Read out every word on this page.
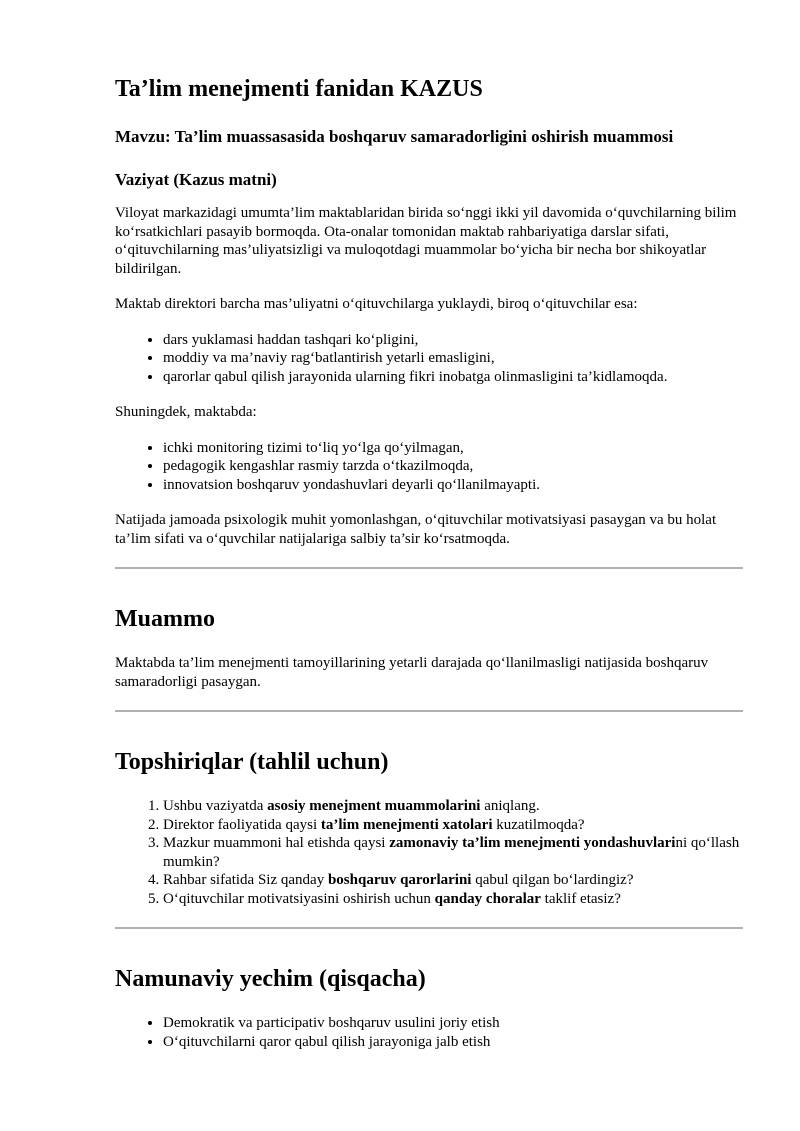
Ta’lim menejmenti fanidan KAZUS
Mavzu: Ta’lim muassasasida boshqaruv samaradorligini oshirish muammosi
Vaziyat (Kazus matni)

Viloyat markazidagi umumta’lim maktablaridan birida so‘nggi ikki yil davomida o‘quvchilarning bilim ko‘rsatkichlari pasayib bormoqda. Ota-onalar tomonidan maktab rahbariyatiga darslar sifati, o‘qituvchilarning mas’uliyatsizligi va muloqotdagi muammolar bo‘yicha bir necha bor shikoyatlar bildirilgan.

Maktab direktori barcha mas’uliyatni o‘qituvchilarga yuklaydi, biroq o‘qituvchilar esa:

• dars yuklamasi haddan tashqari ko‘pligini,
• moddiy va ma’naviy rag‘batlantirish yetarli emasligini,
• qarorlar qabul qilish jarayonida ularning fikri inobatga olinmasligini ta’kidlamoqda.

Shuningdek, maktabda:

• ichki monitoring tizimi to‘liq yo‘lga qo‘yilmagan,
• pedagogik kengashlar rasmiy tarzda o‘tkazilmoqda,
• innovatsion boshqaruv yondashuvlari deyarli qo‘llanilmayapti.

Natijada jamoada psixologik muhit yomonlashgan, o‘qituvchilar motivatsiyasi pasaygan va bu holat ta’lim sifati va o‘quvchilar natijalariga salbiy ta’sir ko‘rsatmoqda.

Muammo

Maktabda ta’lim menejmenti tamoyillarining yetarli darajada qo‘llanilmasligi natijasida boshqaruv samaradorligi pasaygan.

Topshiriqlar (tahlil uchun)
1. Ushbu vaziyatda asosiy menejment muammolarini aniqlang.
2. Direktor faoliyatida qaysi ta’lim menejmenti xatolari kuzatilmoqda?
3. Mazkur muammoni hal etishda qaysi zamonaviy ta’lim menejmenti yondashuvlarini qo‘llash mumkin?
4. Rahbar sifatida Siz qanday boshqaruv qarorlarini qabul qilgan bo‘lardingiz?
5. O‘qituvchilar motivatsiyasini oshirish uchun qanday choralar taklif etasiz?
Namunaviy yechim (qisqacha)
• Demokratik va participativ boshqaruv usulini joriy etish
• O‘qituvchilarni qaror qabul qilish jarayoniga jalb etish
